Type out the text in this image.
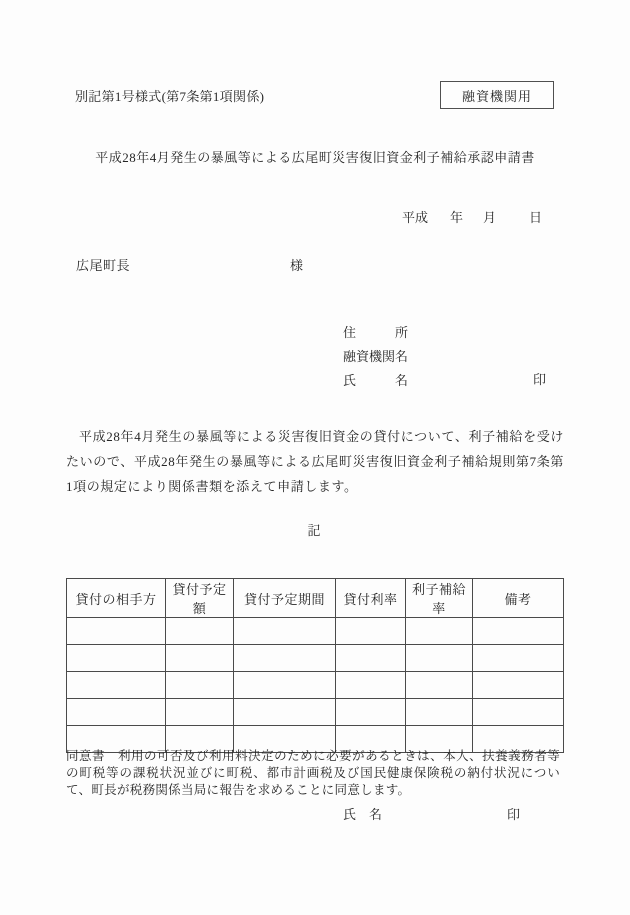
別記第1号様式(第7条第1項関係)	融資機関用
平成28年4月発生の暴風等による広尾町災害復旧資金利子補給承認申請書
平成 年 月	日
広尾町長	様
住　　　所
融資機関名
氏　　　名	印
平成28年4月発生の暴風等による災害復旧資金の貸付について、利子補給を受けたいので、平成28年発生の暴風等による広尾町災害復旧資金利子補給規則第7条第1項の規定により関係書類を添えて申請します。
記
貸付の相手方	貸付予定額	貸付予定期間	貸付利率	利子補給率	備考

同意書　利用の可否及び利用料決定のために必要があるときは、本人、扶養義務者等の町税等の課税状況並びに町税、都市計画税及び国民健康保険税の納付状況について、町長が税務関係当局に報告を求めることに同意します。
氏　名	印
